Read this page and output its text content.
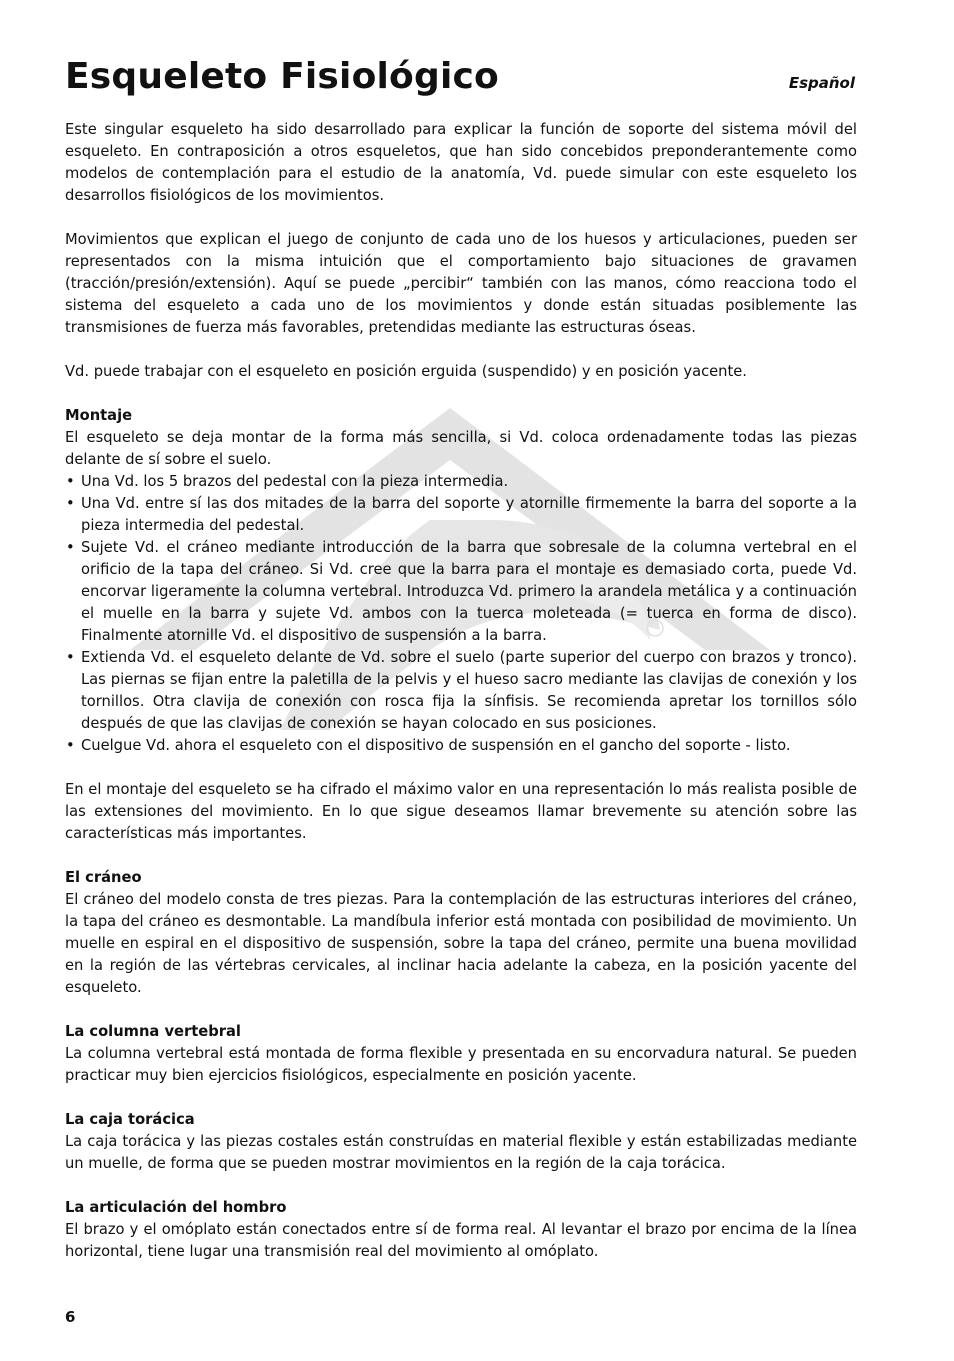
Esqueleto Fisiológico	Español

Este singular esqueleto ha sido desarrollado para explicar la función de soporte del sistema móvil del esqueleto. En contraposición a otros esqueletos, que han sido concebidos preponderantemente como modelos de contemplación para el estudio de la anatomía, Vd. puede simular con este esqueleto los desarrollos fisiológicos de los movimientos.

Movimientos que explican el juego de conjunto de cada uno de los huesos y articulaciones, pueden ser representados con la misma intuición que el comportamiento bajo situaciones de gravamen (tracción/presión/extensión). Aquí se puede „percibir“ también con las manos, cómo reacciona todo el sistema del esqueleto a cada uno de los movimientos y donde están situadas posiblemente las transmisiones de fuerza más favorables, pretendidas mediante las estructuras óseas.

Vd. puede trabajar con el esqueleto en posición erguida (suspendido) y en posición yacente.

Montaje

El esqueleto se deja montar de la forma más sencilla, si Vd. coloca ordenadamente todas las piezas delante de sí sobre el suelo.

• Una Vd. los 5 brazos del pedestal con la pieza intermedia.
• Una Vd. entre sí las dos mitades de la barra del soporte y atornille firmemente la barra del soporte a la pieza intermedia del pedestal.
• Sujete Vd. el cráneo mediante introducción de la barra que sobresale de la columna vertebral en el orificio de la tapa del cráneo. Si Vd. cree que la barra para el montaje es demasiado corta, puede Vd. encorvar ligeramente la columna vertebral. Introduzca Vd. primero la arandela metálica y a continuación el muelle en la barra y sujete Vd. ambos con la tuerca moleteada (= tuerca en forma de disco). Finalmente atornille Vd. el dispositivo de suspensión a la barra.
• Extienda Vd. el esqueleto delante de Vd. sobre el suelo (parte superior del cuerpo con brazos y tronco). Las piernas se fijan entre la paletilla de la pelvis y el hueso sacro mediante las clavijas de conexión y los tornillos. Otra clavija de conexión con rosca fija la sínfisis. Se recomienda apretar los tornillos sólo después de que las clavijas de conexión se hayan colocado en sus posiciones.
• Cuelgue Vd. ahora el esqueleto con el dispositivo de suspensión en el gancho del soporte - listo.

En el montaje del esqueleto se ha cifrado el máximo valor en una representación lo más realista posible de las extensiones del movimiento. En lo que sigue deseamos llamar brevemente su atención sobre las características más importantes.

El cráneo

El cráneo del modelo consta de tres piezas. Para la contemplación de las estructuras interiores del cráneo, la tapa del cráneo es desmontable. La mandíbula inferior está montada con posibilidad de movimiento. Un muelle en espiral en el dispositivo de suspensión, sobre la tapa del cráneo, permite una buena movilidad en la región de las vértebras cervicales, al inclinar hacia adelante la cabeza, en la posición yacente del esqueleto.

La columna vertebral

La columna vertebral está montada de forma flexible y presentada en su encorvadura natural. Se pueden practicar muy bien ejercicios fisiológicos, especialmente en posición yacente.

La caja torácica

La caja torácica y las piezas costales están construídas en material flexible y están estabilizadas mediante un muelle, de forma que se pueden mostrar movimientos en la región de la caja torácica.

La articulación del hombro

El brazo y el omóplato están conectados entre sí de forma real. Al levantar el brazo por encima de la línea horizontal, tiene lugar una transmisión real del movimiento al omóplato.

6
